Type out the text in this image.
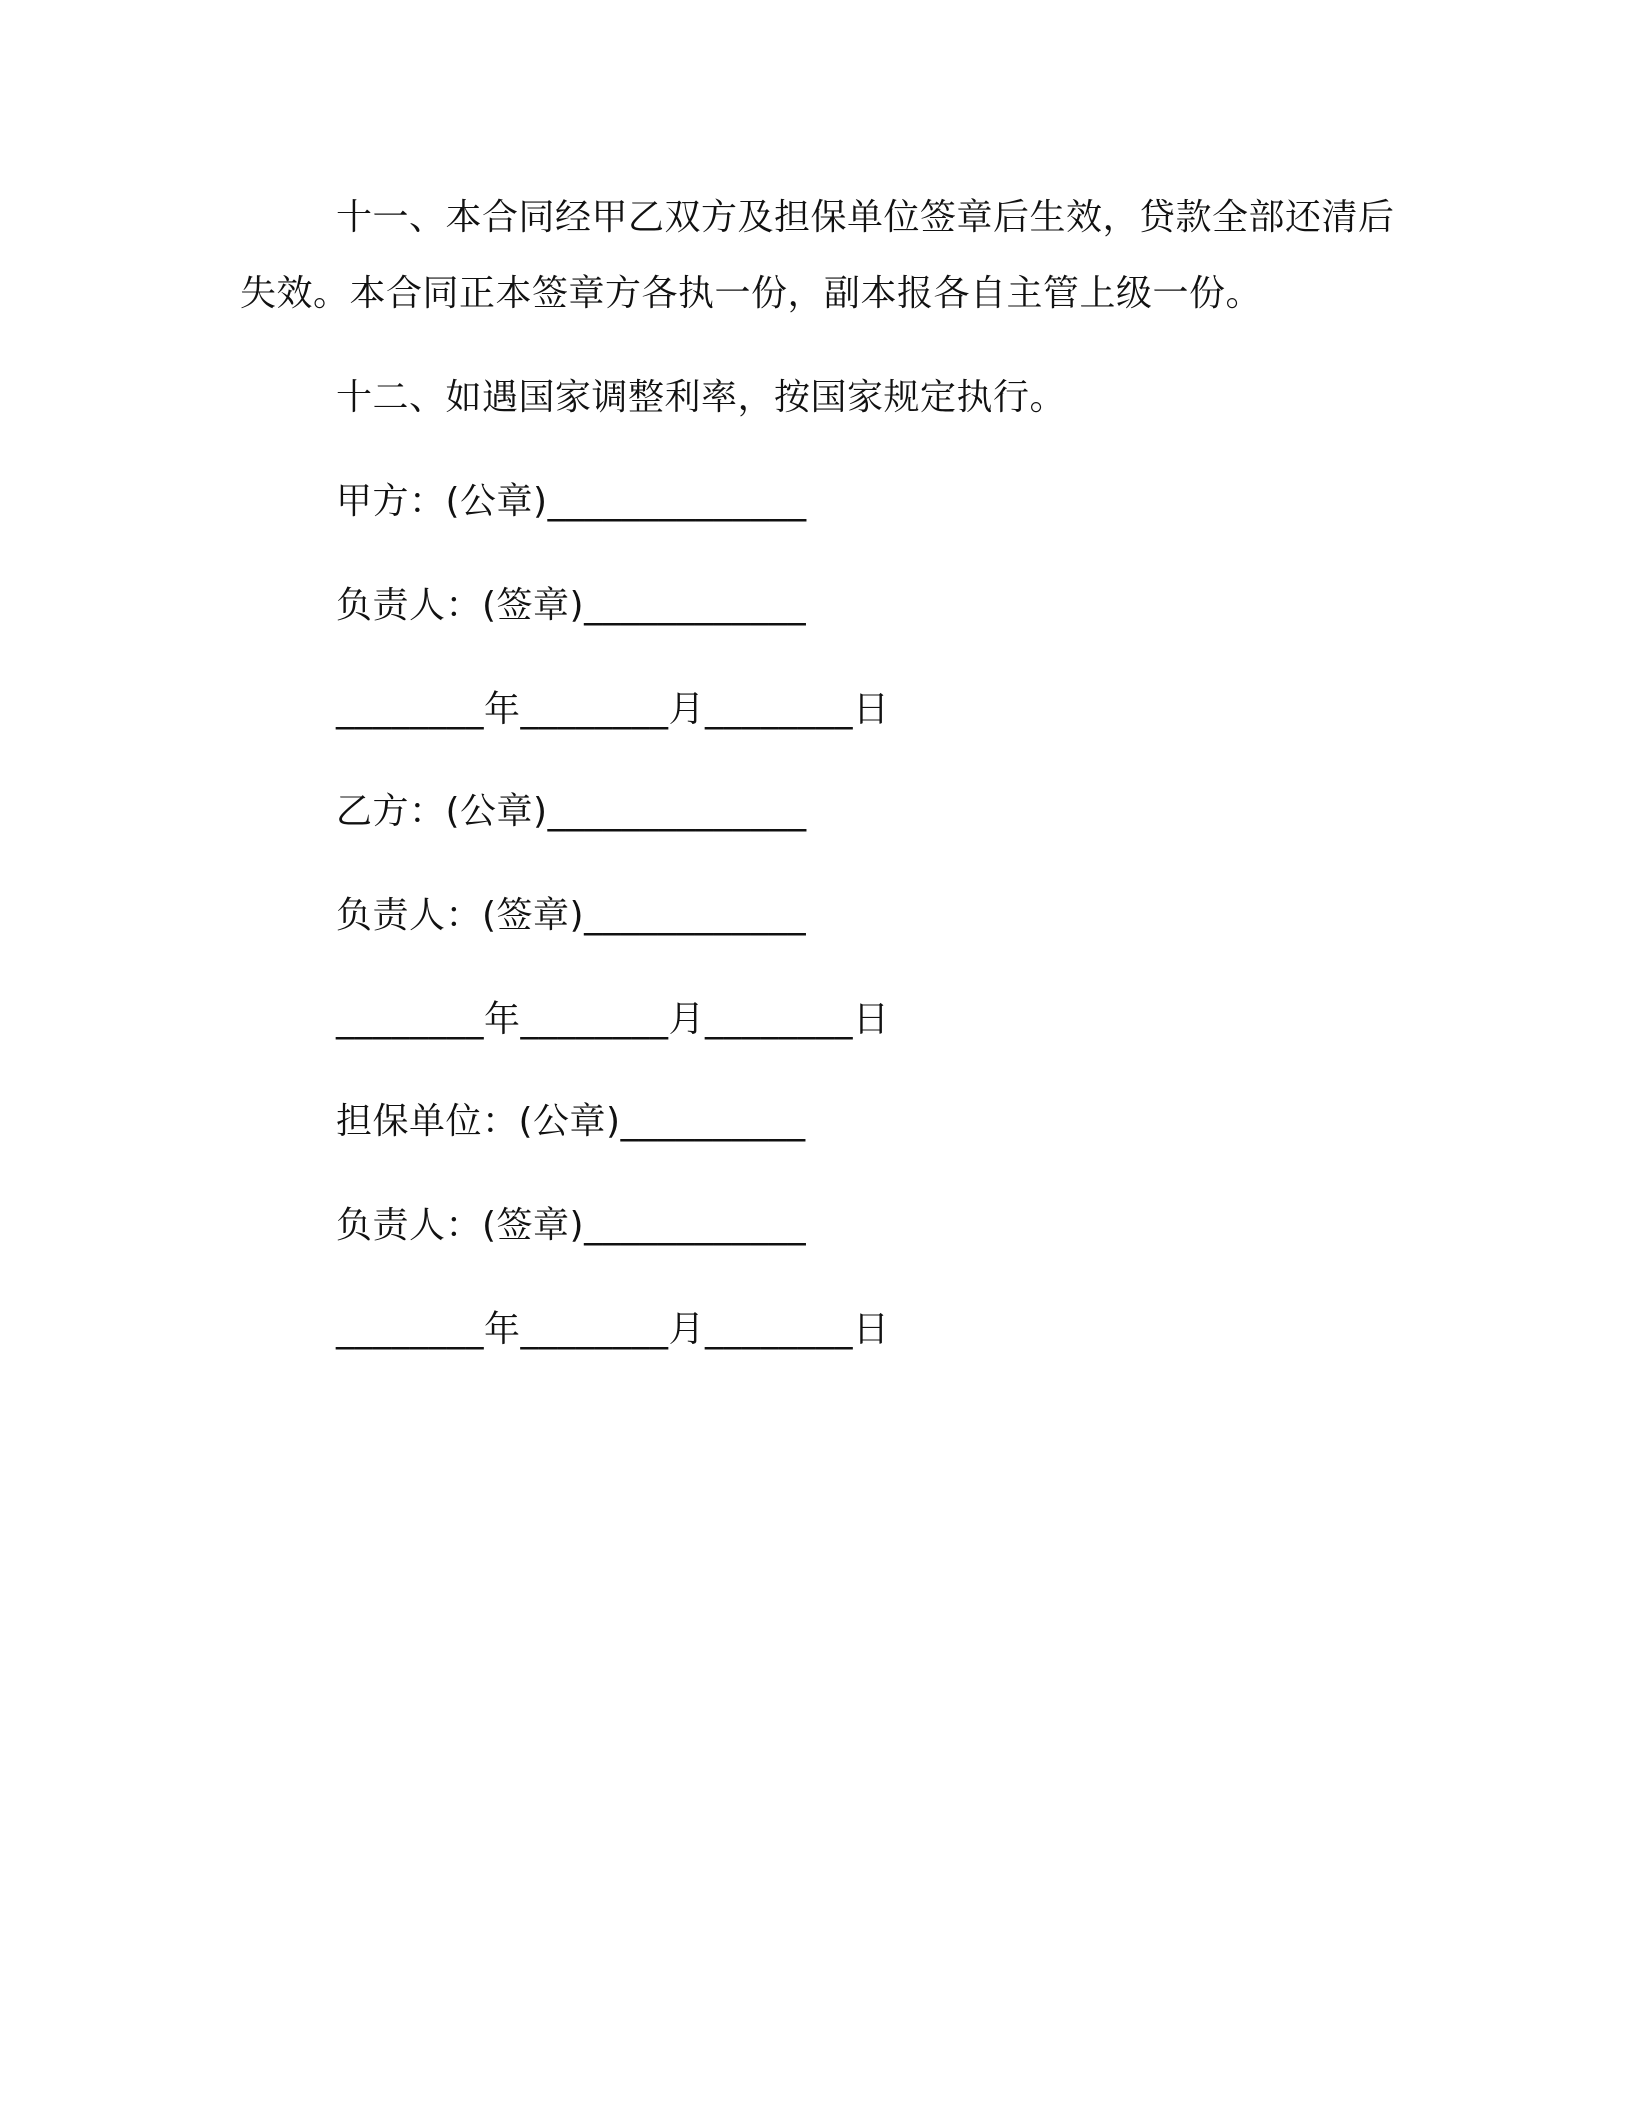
十一、本合同经甲乙双方及担保单位签章后生效，贷款全部还清后失效。本合同正本签章方各执一份，副本报各自主管上级一份。

十二、如遇国家调整利率，按国家规定执行。

甲方：(公章)______________

负责人：(签章)____________

________年________月________日

乙方：(公章)______________

负责人：(签章)____________

________年________月________日

担保单位：(公章)__________

负责人：(签章)____________

________年________月________日
